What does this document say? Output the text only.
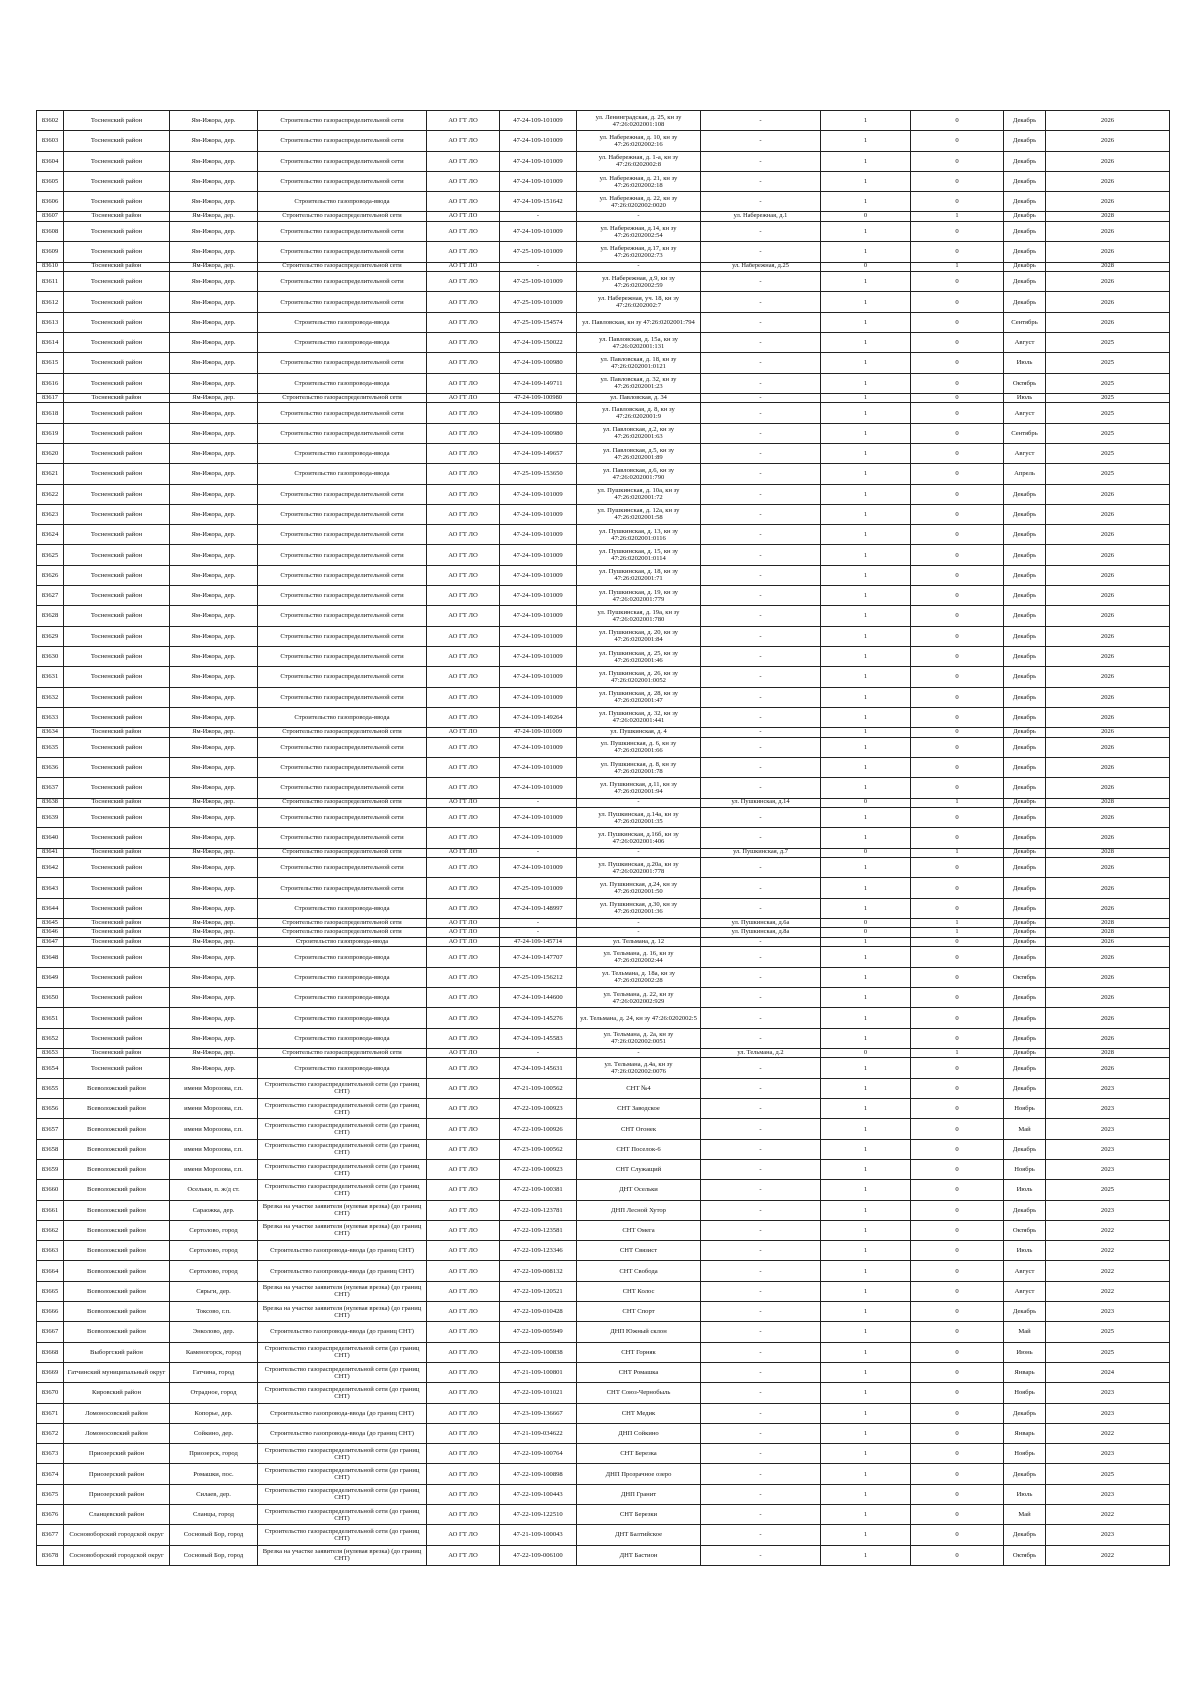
83602	Тосненский район	Ям-Ижора, дер.	Строительство газораспределительной сети	АО ГТ ЛО	47-24-109-101009	ул. Ленинградская, д. 25, кн зу 47:26:0202001:108	-	1	0	Декабрь	2026
83603	Тосненский район	Ям-Ижора, дер.	Строительство газораспределительной сети	АО ГТ ЛО	47-24-109-101009	ул. Набережная, д. 10, кн зу 47:26:0202002:16	-	1	0	Декабрь	2026
83604	Тосненский район	Ям-Ижора, дер.	Строительство газораспределительной сети	АО ГТ ЛО	47-24-109-101009	ул. Набережная, д. 1-а, кн зу 47:26:0202002:8	-	1	0	Декабрь	2026
83605	Тосненский район	Ям-Ижора, дер.	Строительство газораспределительной сети	АО ГТ ЛО	47-24-109-101009	ул. Набережная, д. 21, кн зу 47:26:0202002:18	-	1	0	Декабрь	2026
83606	Тосненский район	Ям-Ижора, дер.	Строительство газопровода-ввода	АО ГТ ЛО	47-24-109-151642	ул. Набережная, д. 22, кн зу 47:26:0202002:0020	-	1	0	Декабрь	2026
83607	Тосненский район	Ям-Ижора, дер.	Строительство газораспределительной сети	АО ГТ ЛО	-	-	ул. Набережная, д.1	0	1	Декабрь	2028
83608	Тосненский район	Ям-Ижора, дер.	Строительство газораспределительной сети	АО ГТ ЛО	47-24-109-101009	ул. Набережная, д.14, кн зу 47:26:0202002:54	-	1	0	Декабрь	2026
83609	Тосненский район	Ям-Ижора, дер.	Строительство газораспределительной сети	АО ГТ ЛО	47-25-109-101009	ул. Набережная, д.17, кн зу 47:26:0202002:73	-	1	0	Декабрь	2026
83610	Тосненский район	Ям-Ижора, дер.	Строительство газораспределительной сети	АО ГТ ЛО	-	-	ул. Набережная, д.25	0	1	Декабрь	2028
83611	Тосненский район	Ям-Ижора, дер.	Строительство газораспределительной сети	АО ГТ ЛО	47-25-109-101009	ул. Набережная, д.9, кн зу 47:26:0202002:59	-	1	0	Декабрь	2026
83612	Тосненский район	Ям-Ижора, дер.	Строительство газораспределительной сети	АО ГТ ЛО	47-25-109-101009	ул. Набережная, уч. 18, кн зу 47:26:0202002:7	-	1	0	Декабрь	2026
83613	Тосненский район	Ям-Ижора, дер.	Строительство газопровода-ввода	АО ГТ ЛО	47-25-109-154574	ул. Павловская, кн зу 47:26:0202001:794	-	1	0	Сентябрь	2026
83614	Тосненский район	Ям-Ижора, дер.	Строительство газопровода-ввода	АО ГТ ЛО	47-24-109-150022	ул. Павловская, д. 15а, кн зу 47:26:0202001:131	-	1	0	Август	2025
83615	Тосненский район	Ям-Ижора, дер.	Строительство газораспределительной сети	АО ГТ ЛО	47-24-109-100980	ул. Павловская, д. 18, кн зу 47:26:0202001:0121	-	1	0	Июль	2025
83616	Тосненский район	Ям-Ижора, дер.	Строительство газопровода-ввода	АО ГТ ЛО	47-24-109-149711	ул. Павловская, д. 32, кн зу 47:26:0202001:23	-	1	0	Октябрь	2025
83617	Тосненский район	Ям-Ижора, дер.	Строительство газораспределительной сети	АО ГТ ЛО	47-24-109-100980	ул. Павловская, д. 34	-	1	0	Июль	2025
83618	Тосненский район	Ям-Ижора, дер.	Строительство газораспределительной сети	АО ГТ ЛО	47-24-109-100980	ул. Павловская, д. 8, кн зу 47:26:0202001:9	-	1	0	Август	2025
83619	Тосненский район	Ям-Ижора, дер.	Строительство газораспределительной сети	АО ГТ ЛО	47-24-109-100980	ул. Павловская, д.2, кн зу 47:26:0202001:63	-	1	0	Сентябрь	2025
83620	Тосненский район	Ям-Ижора, дер.	Строительство газопровода-ввода	АО ГТ ЛО	47-24-109-149657	ул. Павловская, д.5, кн зу 47:26:0202001:89	-	1	0	Август	2025
83621	Тосненский район	Ям-Ижора, дер.	Строительство газопровода-ввода	АО ГТ ЛО	47-25-109-153650	ул. Павловская, д.6, кн зу 47:26:0202001:790	-	1	0	Апрель	2025
83622	Тосненский район	Ям-Ижора, дер.	Строительство газораспределительной сети	АО ГТ ЛО	47-24-109-101009	ул. Пушкинская, д. 10а, кн зу 47:26:0202001:72	-	1	0	Декабрь	2026
83623	Тосненский район	Ям-Ижора, дер.	Строительство газораспределительной сети	АО ГТ ЛО	47-24-109-101009	ул. Пушкинская, д. 12а, кн зу 47:26:0202001:58	-	1	0	Декабрь	2026
83624	Тосненский район	Ям-Ижора, дер.	Строительство газораспределительной сети	АО ГТ ЛО	47-24-109-101009	ул. Пушкинская, д. 13, кн зу 47:26:0202001:0116	-	1	0	Декабрь	2026
83625	Тосненский район	Ям-Ижора, дер.	Строительство газораспределительной сети	АО ГТ ЛО	47-24-109-101009	ул. Пушкинская, д. 15, кн зу 47:26:0202001:0114	-	1	0	Декабрь	2026
83626	Тосненский район	Ям-Ижора, дер.	Строительство газораспределительной сети	АО ГТ ЛО	47-24-109-101009	ул. Пушкинская, д. 18, кн зу 47:26:0202001:71	-	1	0	Декабрь	2026
83627	Тосненский район	Ям-Ижора, дер.	Строительство газораспределительной сети	АО ГТ ЛО	47-24-109-101009	ул. Пушкинская, д. 19, кн зу 47:26:0202001:779	-	1	0	Декабрь	2026
83628	Тосненский район	Ям-Ижора, дер.	Строительство газораспределительной сети	АО ГТ ЛО	47-24-109-101009	ул. Пушкинская, д. 19а, кн зу 47:26:0202001:780	-	1	0	Декабрь	2026
83629	Тосненский район	Ям-Ижора, дер.	Строительство газораспределительной сети	АО ГТ ЛО	47-24-109-101009	ул. Пушкинская, д. 20, кн зу 47:26:0202001:84	-	1	0	Декабрь	2026
83630	Тосненский район	Ям-Ижора, дер.	Строительство газораспределительной сети	АО ГТ ЛО	47-24-109-101009	ул. Пушкинская, д. 25, кн зу 47:26:0202001:46	-	1	0	Декабрь	2026
83631	Тосненский район	Ям-Ижора, дер.	Строительство газораспределительной сети	АО ГТ ЛО	47-24-109-101009	ул. Пушкинская, д. 26, кн зу 47:26:0202001:0052	-	1	0	Декабрь	2026
83632	Тосненский район	Ям-Ижора, дер.	Строительство газораспределительной сети	АО ГТ ЛО	47-24-109-101009	ул. Пушкинская, д. 28, кн зу 47:26:0202001:47	-	1	0	Декабрь	2026
83633	Тосненский район	Ям-Ижора, дер.	Строительство газопровода-ввода	АО ГТ ЛО	47-24-109-149264	ул. Пушкинская, д. 32, кн зу 47:26:0202001:441	-	1	0	Декабрь	2026
83634	Тосненский район	Ям-Ижора, дер.	Строительство газораспределительной сети	АО ГТ ЛО	47-24-109-101009	ул. Пушкинская, д. 4	-	1	0	Декабрь	2026
83635	Тосненский район	Ям-Ижора, дер.	Строительство газораспределительной сети	АО ГТ ЛО	47-24-109-101009	ул. Пушкинская, д. 6, кн зу 47:26:0202001:66	-	1	0	Декабрь	2026
83636	Тосненский район	Ям-Ижора, дер.	Строительство газораспределительной сети	АО ГТ ЛО	47-24-109-101009	ул. Пушкинская, д. 8, кн зу 47:26:0202001:78	-	1	0	Декабрь	2026
83637	Тосненский район	Ям-Ижора, дер.	Строительство газораспределительной сети	АО ГТ ЛО	47-24-109-101009	ул. Пушкинская, д.11, кн зу 47:26:0202001:94	-	1	0	Декабрь	2026
83638	Тосненский район	Ям-Ижора, дер.	Строительство газораспределительной сети	АО ГТ ЛО	-	-	ул. Пушкинская, д.14	0	1	Декабрь	2028
83639	Тосненский район	Ям-Ижора, дер.	Строительство газораспределительной сети	АО ГТ ЛО	47-24-109-101009	ул. Пушкинская, д.14а, кн зу 47:26:0202001:35	-	1	0	Декабрь	2026
83640	Тосненский район	Ям-Ижора, дер.	Строительство газораспределительной сети	АО ГТ ЛО	47-24-109-101009	ул. Пушкинская, д.16б, кн зу 47:26:0202001:406	-	1	0	Декабрь	2026
83641	Тосненский район	Ям-Ижора, дер.	Строительство газораспределительной сети	АО ГТ ЛО	-	-	ул. Пушкинская, д.7	0	1	Декабрь	2028
83642	Тосненский район	Ям-Ижора, дер.	Строительство газораспределительной сети	АО ГТ ЛО	47-24-109-101009	ул. Пушкинская, д.20а, кн зу 47:26:0202001:778	-	1	0	Декабрь	2026
83643	Тосненский район	Ям-Ижора, дер.	Строительство газораспределительной сети	АО ГТ ЛО	47-25-109-101009	ул. Пушкинская, д.24, кн зу 47:26:0202001:50	-	1	0	Декабрь	2026
83644	Тосненский район	Ям-Ижора, дер.	Строительство газопровода-ввода	АО ГТ ЛО	47-24-109-148997	ул. Пушкинская, д.30, кн зу 47:26:0202001:36	-	1	0	Декабрь	2026
83645	Тосненский район	Ям-Ижора, дер.	Строительство газораспределительной сети	АО ГТ ЛО	-	-	ул. Пушкинская, д.6а	0	1	Декабрь	2028
83646	Тосненский район	Ям-Ижора, дер.	Строительство газораспределительной сети	АО ГТ ЛО	-	-	ул. Пушкинская, д.8а	0	1	Декабрь	2028
83647	Тосненский район	Ям-Ижора, дер.	Строительство газопровода-ввода	АО ГТ ЛО	47-24-109-145714	ул. Тельмана, д. 12	-	1	0	Декабрь	2026
83648	Тосненский район	Ям-Ижора, дер.	Строительство газопровода-ввода	АО ГТ ЛО	47-24-109-147707	ул. Тельмана, д. 16, кн зу 47:26:0202002:44	-	1	0	Декабрь	2026
83649	Тосненский район	Ям-Ижора, дер.	Строительство газопровода-ввода	АО ГТ ЛО	47-25-109-156212	ул. Тельмана, д. 18а, кн зу 47:26:0202002:28	-	1	0	Октябрь	2026
83650	Тосненский район	Ям-Ижора, дер.	Строительство газопровода-ввода	АО ГТ ЛО	47-24-109-144600	ул. Тельмана, д. 22, кн зу 47:26:0202002:929	-	1	0	Декабрь	2026
83651	Тосненский район	Ям-Ижора, дер.	Строительство газопровода-ввода	АО ГТ ЛО	47-24-109-145276	ул. Тельмана, д. 24, кн зу 47:26:0202002:5	-	1	0	Декабрь	2026
83652	Тосненский район	Ям-Ижора, дер.	Строительство газопровода-ввода	АО ГТ ЛО	47-24-109-145583	ул. Тельмана, д. 2а, кн зу 47:26:0202002:0051	-	1	0	Декабрь	2026
83653	Тосненский район	Ям-Ижора, дер.	Строительство газораспределительной сети	АО ГТ ЛО	-	-	ул. Тельмана, д.2	0	1	Декабрь	2028
83654	Тосненский район	Ям-Ижора, дер.	Строительство газопровода-ввода	АО ГТ ЛО	47-24-109-145631	ул. Тельмана, д.4а, кн зу 47:26:0202002:0076	-	1	0	Декабрь	2026
83655	Всеволожский район	имени Морозова, г.п.	Строительство газораспределительной сети (до границ СНТ)	АО ГТ ЛО	47-21-109-100562	СНТ №4	-	1	0	Декабрь	2023
83656	Всеволожский район	имени Морозова, г.п.	Строительство газораспределительной сети (до границ СНТ)	АО ГТ ЛО	47-22-109-100923	СНТ Заводское	-	1	0	Ноябрь	2023
83657	Всеволожский район	имени Морозова, г.п.	Строительство газораспределительной сети (до границ СНТ)	АО ГТ ЛО	47-22-109-100926	СНТ Огонек	-	1	0	Май	2023
83658	Всеволожский район	имени Морозова, г.п.	Строительство газораспределительной сети (до границ СНТ)	АО ГТ ЛО	47-23-109-100562	СНТ Поселок-6	-	1	0	Декабрь	2023
83659	Всеволожский район	имени Морозова, г.п.	Строительство газораспределительной сети (до границ СНТ)	АО ГТ ЛО	47-22-109-100923	СНТ Служащий	-	1	0	Ноябрь	2023
83660	Всеволожский район	Осельки, п. ж/д ст.	Строительство газораспределительной сети (до границ СНТ)	АО ГТ ЛО	47-22-109-100381	ДНТ Осельки	-	1	0	Июль	2025
83661	Всеволожский район	Сараожка, дер.	Врезка на участке заявителя (нулевая врезка) (до границ СНТ)	АО ГТ ЛО	47-22-109-123781	ДНП Лесной Хутор	-	1	0	Декабрь	2023
83662	Всеволожский район	Сертолово, город	Врезка на участке заявителя (нулевая врезка) (до границ СНТ)	АО ГТ ЛО	47-22-109-123581	СНТ Омега	-	1	0	Октябрь	2022
83663	Всеволожский район	Сертолово, город	Строительство газопровода-ввода (до границ СНТ)	АО ГТ ЛО	47-22-109-123346	СНТ Связист	-	1	0	Июль	2022
83664	Всеволожский район	Сертолово, город	Строительство газопровода-ввода (до границ СНТ)	АО ГТ ЛО	47-22-109-008132	СНТ Свобода	-	1	0	Август	2022
83665	Всеволожский район	Сярьги, дер.	Врезка на участке заявителя (нулевая врезка) (до границ СНТ)	АО ГТ ЛО	47-22-109-120521	СНТ Колос	-	1	0	Август	2022
83666	Всеволожский район	Токсово, г.п.	Врезка на участке заявителя (нулевая врезка) (до границ СНТ)	АО ГТ ЛО	47-22-109-010428	СНТ Спорт	-	1	0	Декабрь	2023
83667	Всеволожский район	Энколово, дер.	Строительство газопровода-ввода (до границ СНТ)	АО ГТ ЛО	47-22-109-005949	ДНП Южный склон	-	1	0	Май	2025
83668	Выборгский район	Каменогорск, город	Строительство газораспределительной сети (до границ СНТ)	АО ГТ ЛО	47-22-109-100838	СНТ Горняк	-	1	0	Июнь	2025
83669	Гатчинский муниципальный округ	Гатчина, город	Строительство газораспределительной сети (до границ СНТ)	АО ГТ ЛО	47-21-109-100801	СНТ Ромашка	-	1	0	Январь	2024
83670	Кировский район	Отрадное, город	Строительство газораспределительной сети (до границ СНТ)	АО ГТ ЛО	47-22-109-101021	СНТ Союз-Чернобыль	-	1	0	Ноябрь	2023
83671	Ломоносовский район	Копорье, дер.	Строительство газопровода-ввода (до границ СНТ)	АО ГТ ЛО	47-23-109-136667	СНТ Медик	-	1	0	Декабрь	2023
83672	Ломоносовский район	Сойкино, дер.	Строительство газопровода-ввода (до границ СНТ)	АО ГТ ЛО	47-21-109-034622	ДНП Сойкино	-	1	0	Январь	2022
83673	Приозерский район	Приозерск, город	Строительство газораспределительной сети (до границ СНТ)	АО ГТ ЛО	47-22-109-100764	СНТ Березка	-	1	0	Ноябрь	2023
83674	Приозерский район	Ромашки, пос.	Строительство газораспределительной сети (до границ СНТ)	АО ГТ ЛО	47-22-109-100898	ДНП Прозрачное озеро	-	1	0	Декабрь	2025
83675	Приозерский район	Силаев, дер.	Строительство газораспределительной сети (до границ СНТ)	АО ГТ ЛО	47-22-109-100443	ДНП Гранит	-	1	0	Июль	2023
83676	Сланцевский район	Сланцы, город	Строительство газораспределительной сети (до границ СНТ)	АО ГТ ЛО	47-22-109-122510	СНТ Березки	-	1	0	Май	2022
83677	Сосновоборский городской округ	Сосновый Бор, город	Строительство газораспределительной сети (до границ СНТ)	АО ГТ ЛО	47-21-109-100043	ДНТ Балтийское	-	1	0	Декабрь	2023
83678	Сосновоборский городской округ	Сосновый Бор, город	Врезка на участке заявителя (нулевая врезка) (до границ СНТ)	АО ГТ ЛО	47-22-109-006100	ДНТ Бастион	-	1	0	Октябрь	2022
